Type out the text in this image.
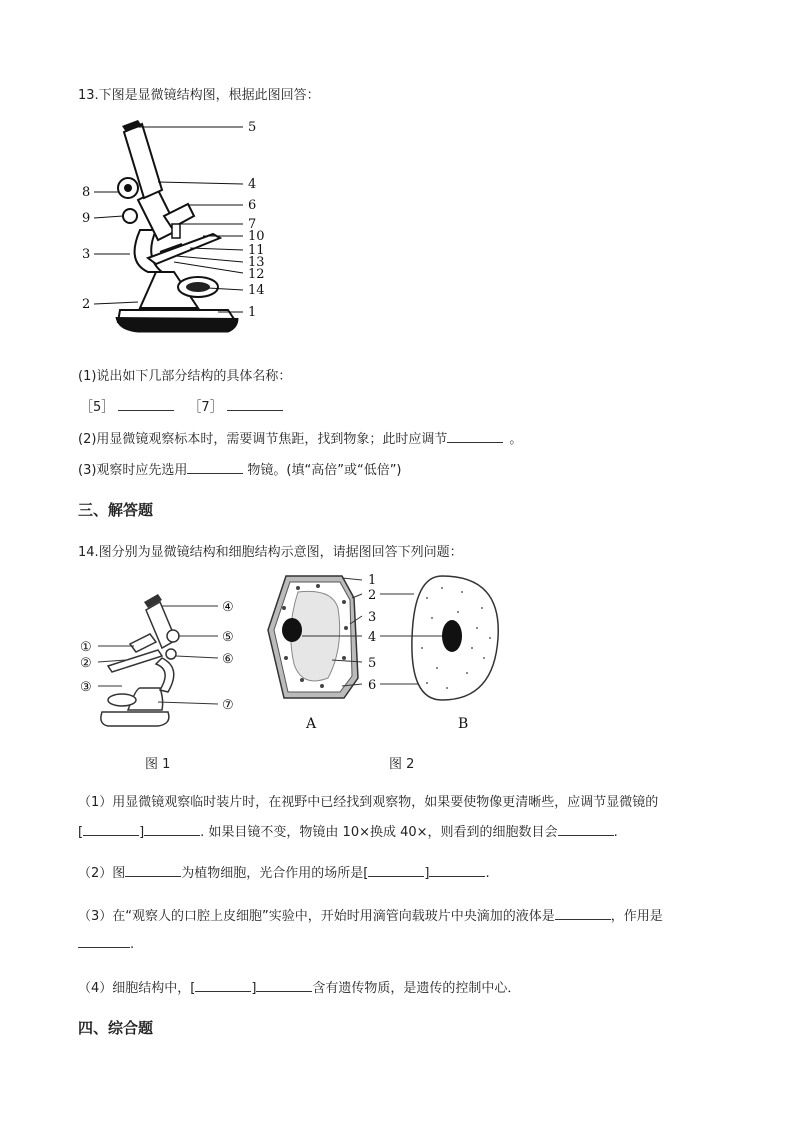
13.下图是显微镜结构图，根据此图回答：
5
4
6
7
10
11
13
12
14
1
8
9
3
2
(1)说出如下几部分结构的具体名称：
［5］	［7］
(2)用显微镜观察标本时，需要调节焦距，找到物象；此时应调节	。
(3)观察时应先选用	物镜。(填“高倍”或“低倍”)
三、解答题
14.图分别为显微镜结构和细胞结构示意图，请据图回答下列问题：
④
⑤
⑥
⑦
①
②
③
1
2
3
4
5
6
A	B
图 1	图 2
（1）用显微镜观察临时装片时，在视野中已经找到观察物，如果要使物像更清晰些，应调节显微镜的
[	]	. 如果目镜不变，物镜由 10×换成 40×，则看到的细胞数目会	.
（2）图	为植物细胞，光合作用的场所是[	]	.
（3）在“观察人的口腔上皮细胞”实验中，开始时用滴管向载玻片中央滴加的液体是	，作用是
.
（4）细胞结构中，[	]	含有遗传物质，是遗传的控制中心．
四、综合题
